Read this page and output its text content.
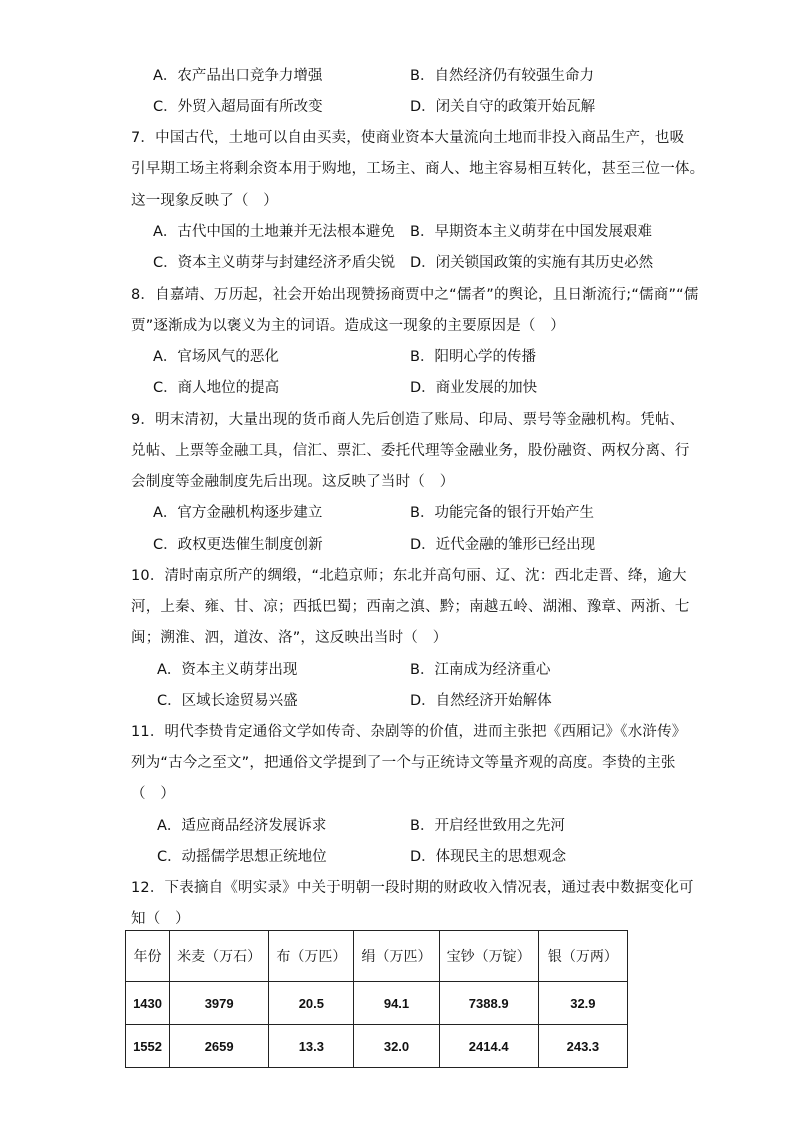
A．农产品出口竞争力增强	B．自然经济仍有较强生命力
C．外贸入超局面有所改变	D．闭关自守的政策开始瓦解
7．中国古代，土地可以自由买卖，使商业资本大量流向土地而非投入商品生产，也吸
引早期工场主将剩余资本用于购地，工场主、商人、地主容易相互转化，甚至三位一体。
这一现象反映了（　）
A．古代中国的土地兼并无法根本避免 B．早期资本主义萌芽在中国发展艰难
C．资本主义萌芽与封建经济矛盾尖锐 D．闭关锁国政策的实施有其历史必然
8．自嘉靖、万历起，社会开始出现赞扬商贾中之“儒者”的舆论，且日渐流行;“儒商”“儒
贾”逐渐成为以褒义为主的词语。造成这一现象的主要原因是（　）
A．官场风气的恶化	B．阳明心学的传播
C．商人地位的提高	D．商业发展的加快
9．明末清初，大量出现的货币商人先后创造了账局、印局、票号等金融机构。凭帖、
兑帖、上票等金融工具，信汇、票汇、委托代理等金融业务，股份融资、两权分离、行
会制度等金融制度先后出现。这反映了当时（　）
A．官方金融机构逐步建立	B．功能完备的银行开始产生
C．政权更迭催生制度创新	D．近代金融的雏形已经出现
10．清时南京所产的绸缎，“北趋京师；东北并高句丽、辽、沈：西北走晋、绛，逾大
河，上秦、雍、甘、凉；西抵巴蜀；西南之滇、黔；南越五岭、湖湘、豫章、两浙、七
闽；溯淮、泗，道汝、洛”，这反映出当时（　）
A．资本主义萌芽出现	B．江南成为经济重心
C．区域长途贸易兴盛	D．自然经济开始解体
11．明代李贽肯定通俗文学如传奇、杂剧等的价值，进而主张把《西厢记》《水浒传》
列为“古今之至文”，把通俗文学提到了一个与正统诗文等量齐观的高度。李贽的主张
（　）
A．适应商品经济发展诉求	B．开启经世致用之先河
C．动摇儒学思想正统地位	D．体现民主的思想观念
12．下表摘自《明实录》中关于明朝一段时期的财政收入情况表，通过表中数据变化可
知（　）
年份	米麦（万石）	布（万匹）	绢（万匹）	宝钞（万锭）	银（万两）
1430	3979	20.5	94.1	7388.9	32.9
1552	2659	13.3	32.0	2414.4	243.3
